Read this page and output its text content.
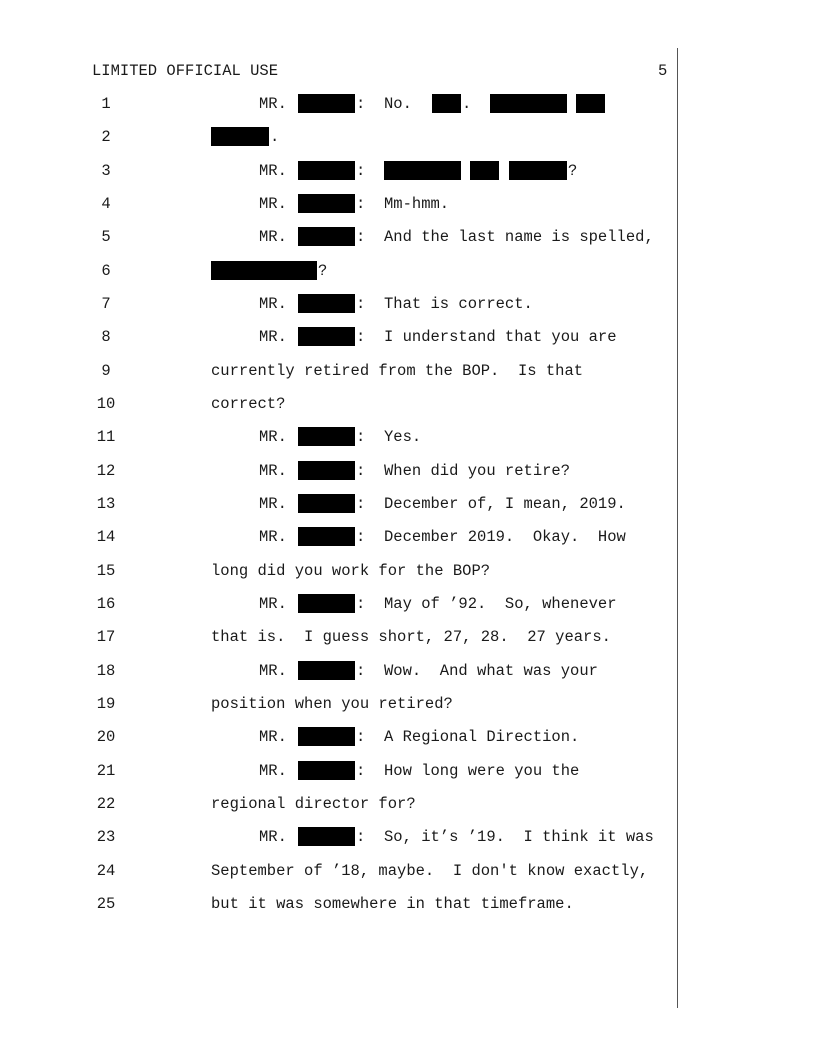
LIMITED OFFICIAL USE	5
1	MR.	: No.	.
2	.
3	MR.	:	?
4	MR.	: Mm-hmm.
5	MR.	: And the last name is spelled,
6	?
7	MR.	: That is correct.
8	MR.	: I understand that you are
9	currently retired from the BOP.  Is that
10	correct?
11	MR.	: Yes.
12	MR.	: When did you retire?
13	MR.	: December of, I mean, 2019.
14	MR.	: December 2019.  Okay.  How
15	long did you work for the BOP?
16	MR.	: May of ’92.  So, whenever
17	that is.  I guess short, 27, 28.  27 years.
18	MR.	: Wow.  And what was your
19	position when you retired?
20	MR.	: A Regional Direction.
21	MR.	: How long were you the
22	regional director for?
23	MR.	: So, it’s ’19.  I think it was
24	September of ’18, maybe.  I don't know exactly,
25	but it was somewhere in that timeframe.
